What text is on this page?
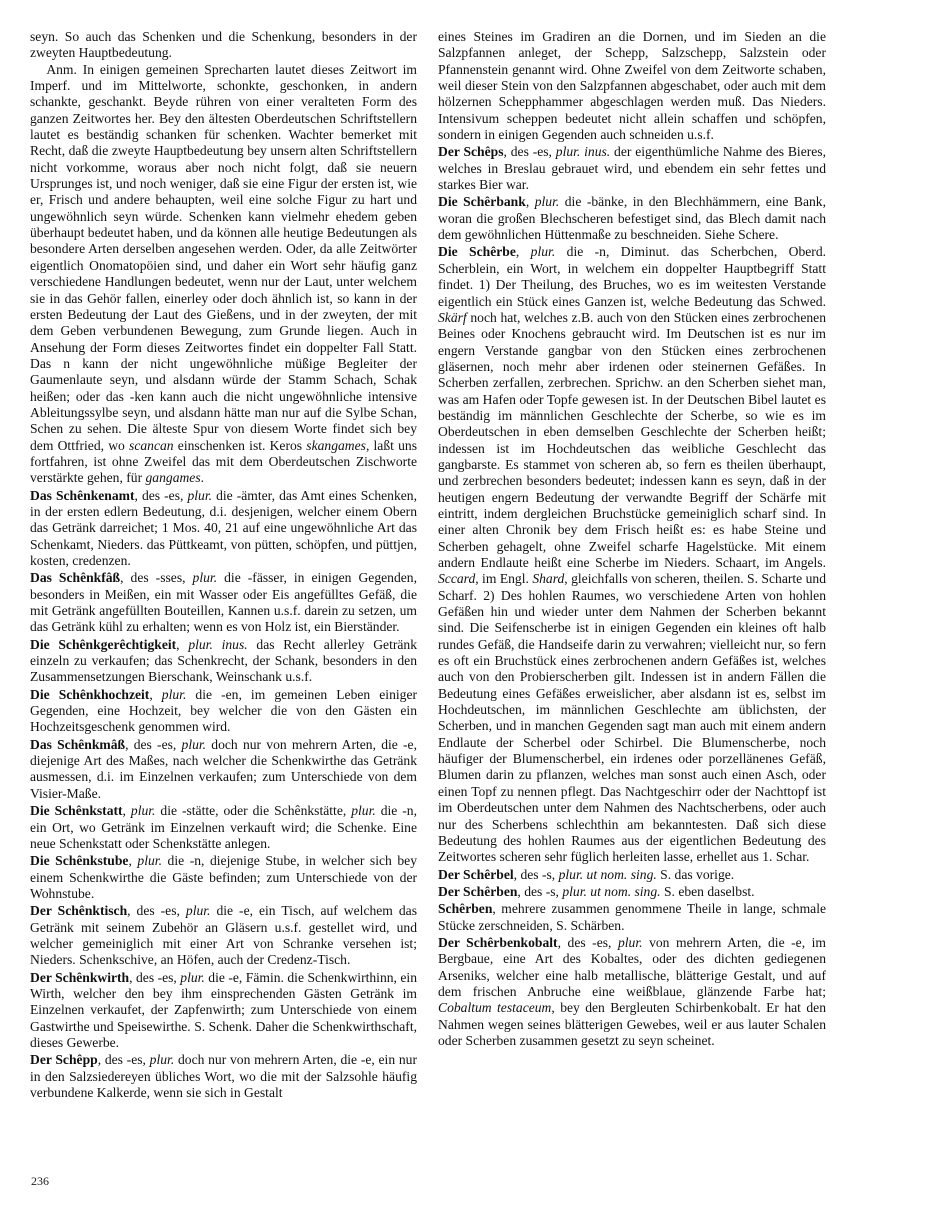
seyn. So auch das Schenken und die Schenkung, besonders in der zweyten Hauptbedeutung.

Anm. In einigen gemeinen Sprecharten lautet dieses Zeitwort im Imperf. und im Mittelworte, schonkte, geschonken, in andern schankte, geschankt. Beyde rühren von einer veralteten Form des ganzen Zeitwortes her. Bey den ältesten Oberdeutschen Schriftstellern lautet es beständig schanken für schenken. Wachter bemerket mit Recht, daß die zweyte Hauptbedeutung bey unsern alten Schriftstellern nicht vorkomme, woraus aber noch nicht folgt, daß sie neuern Ursprunges ist, und noch weniger, daß sie eine Figur der ersten ist, wie er, Frisch und andere behaupten, weil eine solche Figur zu hart und ungewöhnlich seyn würde. Schenken kann vielmehr ehedem geben überhaupt bedeutet haben, und da können alle heutige Bedeutungen als besondere Arten derselben angesehen werden. Oder, da alle Zeitwörter eigentlich Onomatopöien sind, und daher ein Wort sehr häufig ganz verschiedene Handlungen bedeutet, wenn nur der Laut, unter welchem sie in das Gehör fallen, einerley oder doch ähnlich ist, so kann in der ersten Bedeutung der Laut des Gießens, und in der zweyten, der mit dem Geben verbundenen Bewegung, zum Grunde liegen. Auch in Ansehung der Form dieses Zeitwortes findet ein doppelter Fall Statt. Das n kann der nicht ungewöhnliche müßige Begleiter der Gaumenlaute seyn, und alsdann würde der Stamm Schach, Schak heißen; oder das -ken kann auch die nicht ungewöhnliche intensive Ableitungssylbe seyn, und alsdann hätte man nur auf die Sylbe Schan, Schen zu sehen. Die älteste Spur von diesem Worte findet sich bey dem Ottfried, wo scancan einschenken ist. Keros skangames, laßt uns fortfahren, ist ohne Zweifel das mit dem Oberdeutschen Zischworte verstärkte gehen, für gangames.

Das Schênkenamt, des -es, plur. die -ämter, das Amt eines Schenken, in der ersten edlern Bedeutung, d.i. desjenigen, welcher einem Obern das Getränk darreichet; 1 Mos. 40, 21 auf eine ungewöhnliche Art das Schenkamt, Nieders. das Püttkeamt, von pütten, schöpfen, und püttjen, kosten, credenzen.

Das Schênkfâß, des -sses, plur. die -fässer, in einigen Gegenden, besonders in Meißen, ein mit Wasser oder Eis angefülltes Gefäß, die mit Getränk angefüllten Bouteillen, Kannen u.s.f. darein zu setzen, um das Getränk kühl zu erhalten; wenn es von Holz ist, ein Bierständer.

Die Schênkgerêchtigkeit, plur. inus. das Recht allerley Getränk einzeln zu verkaufen; das Schenkrecht, der Schank, besonders in den Zusammensetzungen Bierschank, Weinschank u.s.f.

Die Schênkhochzeit, plur. die -en, im gemeinen Leben einiger Gegenden, eine Hochzeit, bey welcher die von den Gästen ein Hochzeitsgeschenk genommen wird.

Das Schênkmâß, des -es, plur. doch nur von mehrern Arten, die -e, diejenige Art des Maßes, nach welcher die Schenkwirthe das Getränk ausmessen, d.i. im Einzelnen verkaufen; zum Unterschiede von dem Visier-Maße.

Die Schênkstatt, plur. die -stätte, oder die Schênkstätte, plur. die -n, ein Ort, wo Getränk im Einzelnen verkauft wird; die Schenke. Eine neue Schenkstatt oder Schenkstätte anlegen.

Die Schênkstube, plur. die -n, diejenige Stube, in welcher sich bey einem Schenkwirthe die Gäste befinden; zum Unterschiede von der Wohnstube.

Der Schênktisch, des -es, plur. die -e, ein Tisch, auf welchem das Getränk mit seinem Zubehör an Gläsern u.s.f. gestellet wird, und welcher gemeiniglich mit einer Art von Schranke versehen ist; Nieders. Schenkschive, an Höfen, auch der Credenz-Tisch.

Der Schênkwirth, des -es, plur. die -e, Fämin. die Schenkwirthinn, ein Wirth, welcher den bey ihm einsprechenden Gästen Getränk im Einzelnen verkaufet, der Zapfenwirth; zum Unterschiede von einem Gastwirthe und Speisewirthe. S. Schenk. Daher die Schenkwirthschaft, dieses Gewerbe.

Der Schêpp, des -es, plur. doch nur von mehrern Arten, die -e, ein nur in den Salzsiedereyen übliches Wort, wo die mit der Salzsohle häufig verbundene Kalkerde, wenn sie sich in Gestalt

eines Steines im Gradiren an die Dornen, und im Sieden an die Salzpfannen anleget, der Schepp, Salzschepp, Salzstein oder Pfannenstein genannt wird. Ohne Zweifel von dem Zeitworte schaben, weil dieser Stein von den Salzpfannen abgeschabet, oder auch mit dem hölzernen Schepphammer abgeschlagen werden muß. Das Nieders. Intensivum scheppen bedeutet nicht allein schaffen und schöpfen, sondern in einigen Gegenden auch schneiden u.s.f.

Der Schêps, des -es, plur. inus. der eigenthümliche Nahme des Bieres, welches in Breslau gebrauet wird, und ebendem ein sehr fettes und starkes Bier war.

Die Schêrbank, plur. die -bänke, in den Blechhämmern, eine Bank, woran die großen Blechscheren befestiget sind, das Blech damit nach dem gewöhnlichen Hüttenmaße zu beschneiden. Siehe Schere.

Die Schêrbe, plur. die -n, Diminut. das Scherbchen, Oberd. Scherblein, ein Wort, in welchem ein doppelter Hauptbegriff Statt findet. 1) Der Theilung, des Bruches, wo es im weitesten Verstande eigentlich ein Stück eines Ganzen ist, welche Bedeutung das Schwed. Skärf noch hat, welches z.B. auch von den Stücken eines zerbrochenen Beines oder Knochens gebraucht wird. Im Deutschen ist es nur im engern Verstande gangbar von den Stücken eines zerbrochenen gläsernen, noch mehr aber irdenen oder steinernen Gefäßes. In Scherben zerfallen, zerbrechen. Sprichw. an den Scherben siehet man, was am Hafen oder Topfe gewesen ist. In der Deutschen Bibel lautet es beständig im männlichen Geschlechte der Scherbe, so wie es im Oberdeutschen in eben demselben Geschlechte der Scherben heißt; indessen ist im Hochdeutschen das weibliche Geschlecht das gangbarste. Es stammet von scheren ab, so fern es theilen überhaupt, und zerbrechen besonders bedeutet; indessen kann es seyn, daß in der heutigen engern Bedeutung der verwandte Begriff der Schärfe mit eintritt, indem dergleichen Bruchstücke gemeiniglich scharf sind. In einer alten Chronik bey dem Frisch heißt es: es habe Steine und Scherben gehagelt, ohne Zweifel scharfe Hagelstücke. Mit einem andern Endlaute heißt eine Scherbe im Nieders. Schaart, im Angels. Sccard, im Engl. Shard, gleichfalls von scheren, theilen. S. Scharte und Scharf. 2) Des hohlen Raumes, wo verschiedene Arten von hohlen Gefäßen hin und wieder unter dem Nahmen der Scherben bekannt sind. Die Seifenscherbe ist in einigen Gegenden ein kleines oft halb rundes Gefäß, die Handseife darin zu verwahren; vielleicht nur, so fern es oft ein Bruchstück eines zerbrochenen andern Gefäßes ist, welches auch von den Probierscherben gilt. Indessen ist in andern Fällen die Bedeutung eines Gefäßes erweislicher, aber alsdann ist es, selbst im Hochdeutschen, im männlichen Geschlechte am üblichsten, der Scherben, und in manchen Gegenden sagt man auch mit einem andern Endlaute der Scherbel oder Schirbel. Die Blumenscherbe, noch häufiger der Blumenscherbel, ein irdenes oder porzellänenes Gefäß, Blumen darin zu pflanzen, welches man sonst auch einen Asch, oder einen Topf zu nennen pflegt. Das Nachtgeschirr oder der Nachttopf ist im Oberdeutschen unter dem Nahmen des Nachtscherbens, oder auch nur des Scherbens schlechthin am bekanntesten. Daß sich diese Bedeutung des hohlen Raumes aus der eigentlichen Bedeutung des Zeitwortes scheren sehr füglich herleiten lasse, erhellet aus 1. Schar.

Der Schêrbel, des -s, plur. ut nom. sing. S. das vorige.

Der Schêrben, des -s, plur. ut nom. sing. S. eben daselbst.

Schêrben, mehrere zusammen genommene Theile in lange, schmale Stücke zerschneiden, S. Schärben.

Der Schêrbenkobalt, des -es, plur. von mehrern Arten, die -e, im Bergbaue, eine Art des Kobaltes, oder des dichten gediegenen Arseniks, welcher eine halb metallische, blätterige Gestalt, und auf dem frischen Anbruche eine weißblaue, glänzende Farbe hat; Cobaltum testaceum, bey den Bergleuten Schirbenkobalt. Er hat den Nahmen wegen seines blätterigen Gewebes, weil er aus lauter Schalen oder Scherben zusammen gesetzt zu seyn scheinet.

236
